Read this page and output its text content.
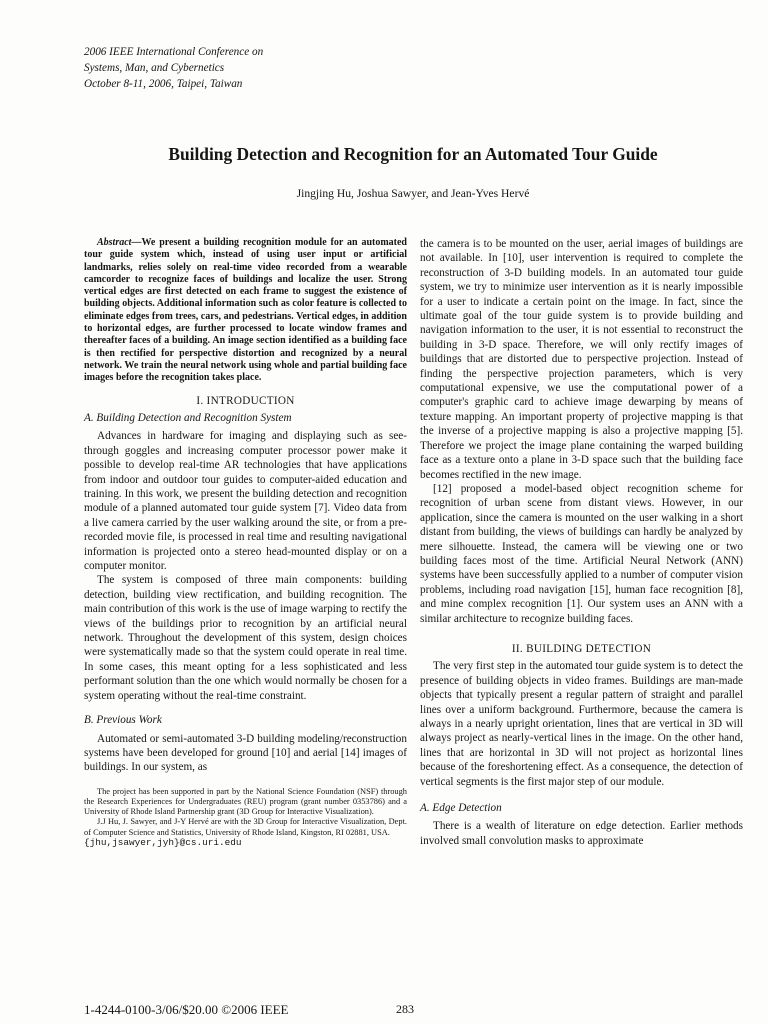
2006 IEEE International Conference on
Systems, Man, and Cybernetics
October 8-11, 2006, Taipei, Taiwan
Building Detection and Recognition for an Automated Tour Guide
Jingjing Hu, Joshua Sawyer, and Jean-Yves Hervé

Abstract—We present a building recognition module for an automated tour guide system which, instead of using user input or artificial landmarks, relies solely on real-time video recorded from a wearable camcorder to recognize faces of buildings and localize the user. Strong vertical edges are first detected on each frame to suggest the existence of building objects. Additional information such as color feature is collected to eliminate edges from trees, cars, and pedestrians. Vertical edges, in addition to horizontal edges, are further processed to locate window frames and thereafter faces of a building. An image section identified as a building face is then rectified for perspective distortion and recognized by a neural network. We train the neural network using whole and partial building face images before the recognition takes place.

I. INTRODUCTION
A. Building Detection and Recognition System

Advances in hardware for imaging and displaying such as see-through goggles and increasing computer processor power make it possible to develop real-time AR technologies that have applications from indoor and outdoor tour guides to computer-aided education and training. In this work, we present the building detection and recognition module of a planned automated tour guide system [7]. Video data from a live camera carried by the user walking around the site, or from a pre-recorded movie file, is processed in real time and resulting navigational information is projected onto a stereo head-mounted display or on a computer monitor.

The system is composed of three main components: building detection, building view rectification, and building recognition. The main contribution of this work is the use of image warping to rectify the views of the buildings prior to recognition by an artificial neural network. Throughout the development of this system, design choices were systematically made so that the system could operate in real time. In some cases, this meant opting for a less sophisticated and less performant solution than the one which would normally be chosen for a system operating without the real-time constraint.

B. Previous Work

Automated or semi-automated 3-D building modeling/reconstruction systems have been developed for ground [10] and aerial [14] images of buildings. In our system, as

The project has been supported in part by the National Science Foundation (NSF) through the Research Experiences for Undergraduates (REU) program (grant number 0353786) and a University of Rhode Island Partnership grant (3D Group for Interactive Visualization).

J.J Hu, J. Sawyer, and J-Y Hervé are with the 3D Group for Interactive Visualization, Dept. of Computer Science and Statistics, University of Rhode Island, Kingston, RI 02881, USA.

{jhu,jsawyer,jyh}@cs.uri.edu

the camera is to be mounted on the user, aerial images of buildings are not available. In [10], user intervention is required to complete the reconstruction of 3-D building models. In an automated tour guide system, we try to minimize user intervention as it is nearly impossible for a user to indicate a certain point on the image. In fact, since the ultimate goal of the tour guide system is to provide building and navigation information to the user, it is not essential to reconstruct the building in 3-D space. Therefore, we will only rectify images of buildings that are distorted due to perspective projection. Instead of finding the perspective projection parameters, which is very computational expensive, we use the computational power of a computer's graphic card to achieve image dewarping by means of texture mapping. An important property of projective mapping is that the inverse of a projective mapping is also a projective mapping [5]. Therefore we project the image plane containing the warped building face as a texture onto a plane in 3-D space such that the building face becomes rectified in the new image.

[12] proposed a model-based object recognition scheme for recognition of urban scene from distant views. However, in our application, since the camera is mounted on the user walking in a short distant from building, the views of buildings can hardly be analyzed by mere silhouette. Instead, the camera will be viewing one or two building faces most of the time. Artificial Neural Network (ANN) systems have been successfully applied to a number of computer vision problems, including road navigation [15], human face recognition [8], and mine complex recognition [1]. Our system uses an ANN with a similar architecture to recognize building faces.

II. BUILDING DETECTION

The very first step in the automated tour guide system is to detect the presence of building objects in video frames. Buildings are man-made objects that typically present a regular pattern of straight and parallel lines over a uniform background. Furthermore, because the camera is always in a nearly upright orientation, lines that are vertical in 3D will always project as nearly-vertical lines in the image. On the other hand, lines that are horizontal in 3D will not project as horizontal lines because of the foreshortening effect. As a consequence, the detection of vertical segments is the first major step of our module.

A. Edge Detection

There is a wealth of literature on edge detection. Earlier methods involved small convolution masks to approximate

1-4244-0100-3/06/$20.00 ©2006 IEEE	283
